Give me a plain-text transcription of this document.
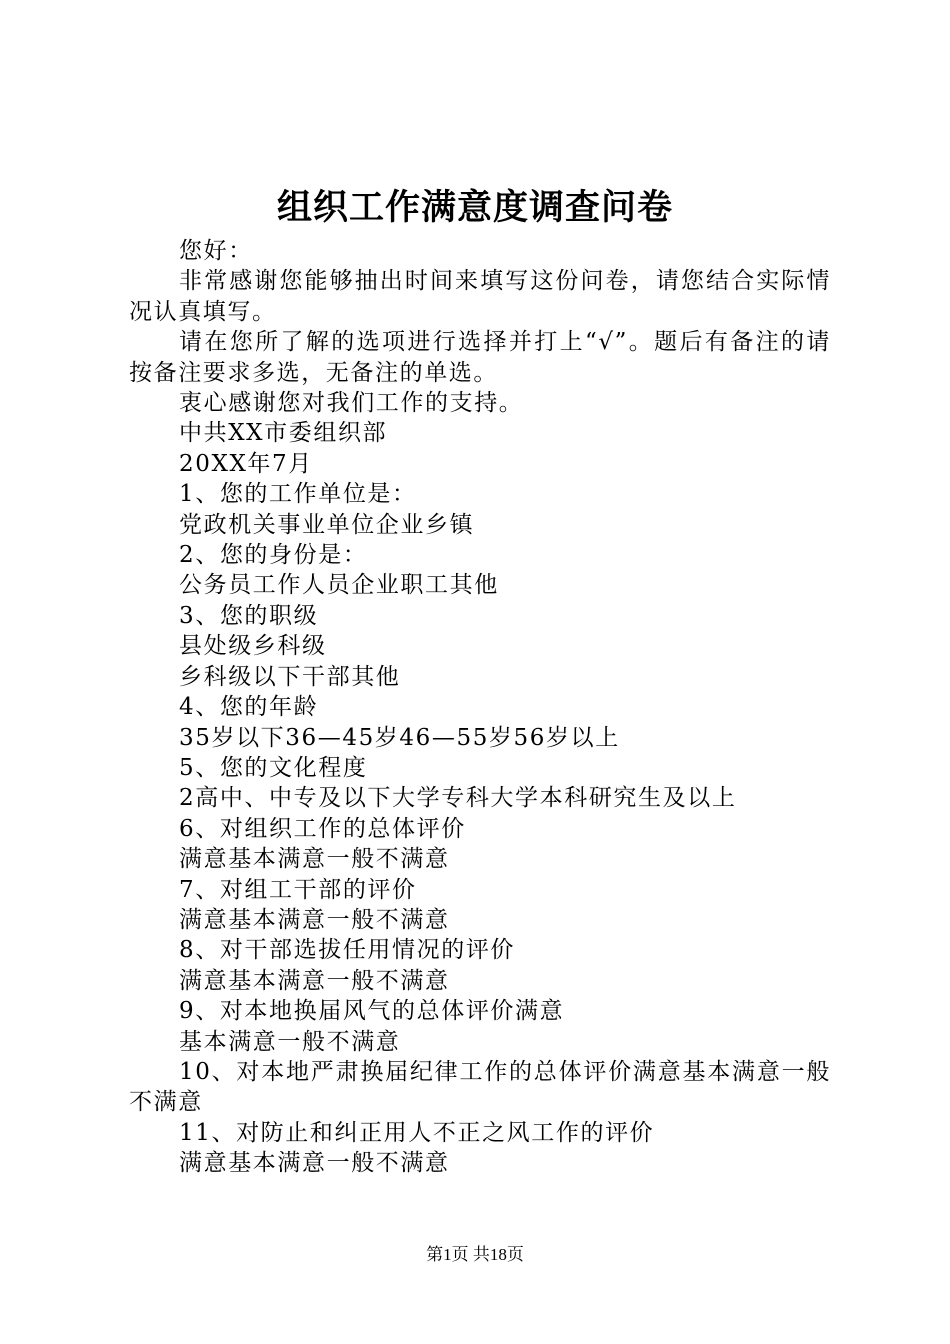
组织工作满意度调查问卷

您好：

非常感谢您能够抽出时间来填写这份问卷，请您结合实际情况认真填写。

请在您所了解的选项进行选择并打上“√”。题后有备注的请按备注要求多选，无备注的单选。

衷心感谢您对我们工作的支持。

中共XX市委组织部

20XX年7月

1、您的工作单位是：

党政机关事业单位企业乡镇

2、您的身份是：

公务员工作人员企业职工其他

3、您的职级

县处级乡科级

乡科级以下干部其他

4、您的年龄

35岁以下36—45岁46—55岁56岁以上

5、您的文化程度

2高中、中专及以下大学专科大学本科研究生及以上

6、对组织工作的总体评价

满意基本满意一般不满意

7、对组工干部的评价

满意基本满意一般不满意

8、对干部选拔任用情况的评价

满意基本满意一般不满意

9、对本地换届风气的总体评价满意

基本满意一般不满意

10、对本地严肃换届纪律工作的总体评价满意基本满意一般不满意

11、对防止和纠正用人不正之风工作的评价

满意基本满意一般不满意

第1页 共18页
